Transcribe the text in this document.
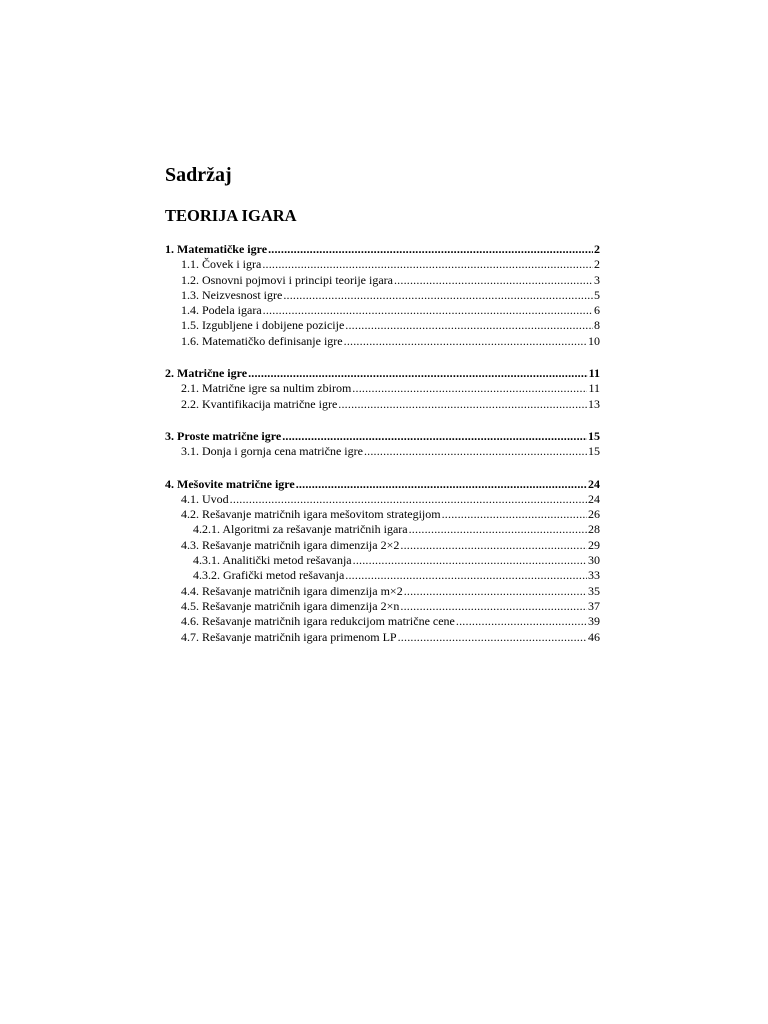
Sadržaj
TEORIJA IGARA
1. Matematičke igre .....	2
1.1. Čovek i igra .....	2
1.2. Osnovni pojmovi i principi teorije igara .....	3
1.3. Neizvesnost igre .....	5
1.4. Podela igara .....	6
1.5. Izgubljene i dobijene pozicije .....	8
1.6. Matematičko definisanje igre .....	10
2. Matrične igre .....	11
2.1. Matrične igre sa nultim zbirom .....	11
2.2. Kvantifikacija matrične igre .....	13
3. Proste matrične igre .....	15
3.1. Donja i gornja cena matrične igre .....	15
4. Mešovite matrične igre .....	24
4.1. Uvod .....	24
4.2. Rešavanje matričnih igara mešovitom strategijom .....	26
4.2.1. Algoritmi za rešavanje matričnih igara .....	28
4.3. Rešavanje matričnih igara dimenzija 2×2 .....	29
4.3.1. Analitički metod rešavanja .....	30
4.3.2. Grafički metod rešavanja .....	33
4.4. Rešavanje matričnih igara dimenzija m×2 .....	35
4.5. Rešavanje matričnih igara dimenzija 2×n .....	37
4.6. Rešavanje matričnih igara redukcijom matrične cene .....	39
4.7. Rešavanje matričnih igara primenom LP .....	46
